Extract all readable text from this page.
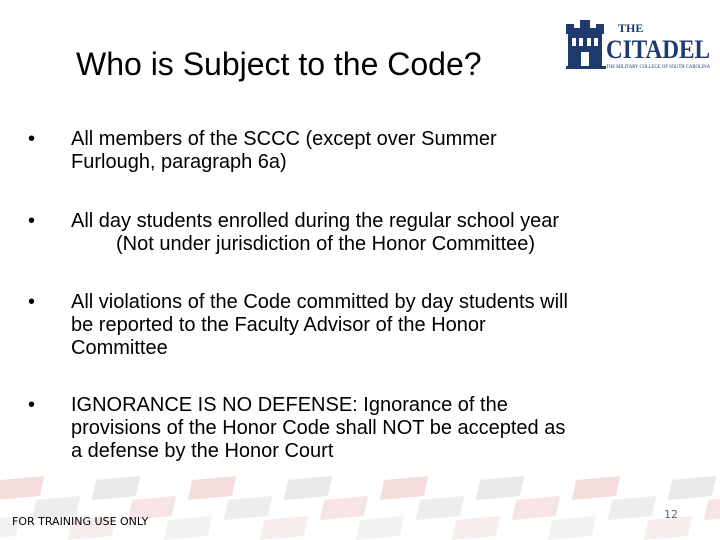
Who is Subject to the Code?
THE
CITADEL
THE MILITARY COLLEGE OF SOUTH CAROLINA
• All members of the SCCC (except over Summer
Furlough, paragraph 6a)
• All day students enrolled during the regular school year
(Not under jurisdiction of the Honor Committee)
• All violations of the Code committed by day students will
be reported to the Faculty Advisor of the Honor
Committee
• IGNORANCE IS NO DEFENSE: Ignorance of the
provisions of the Honor Code shall NOT be accepted as
a defense by the Honor Court
FOR TRAINING USE ONLY
12
